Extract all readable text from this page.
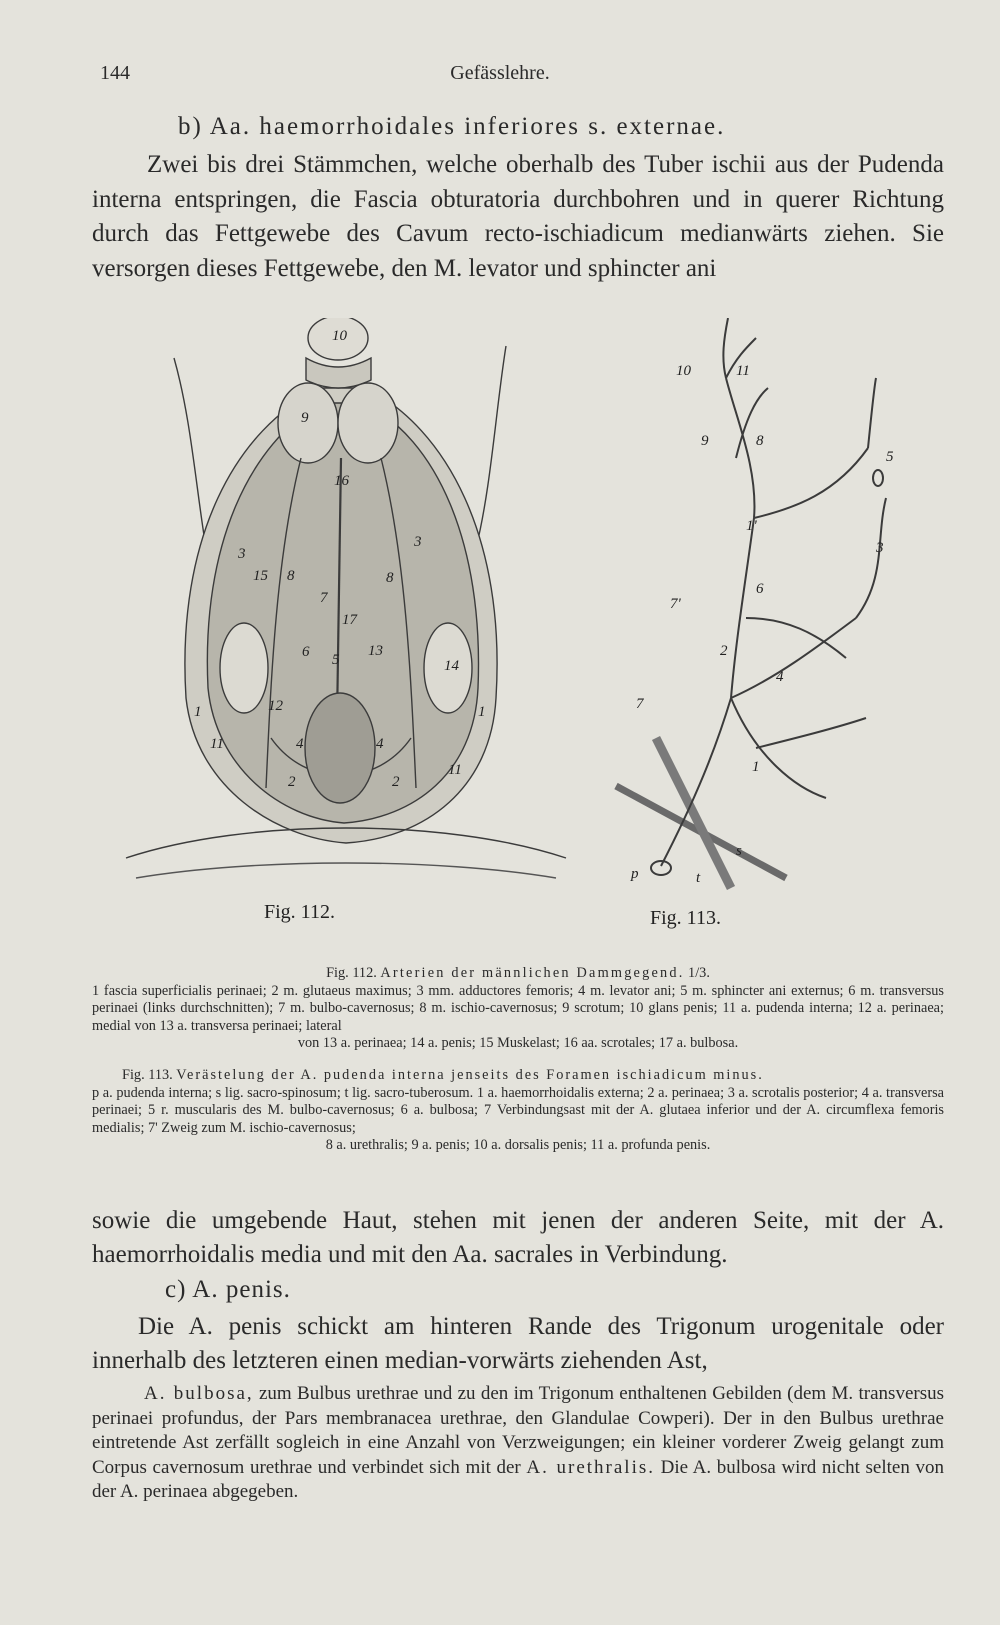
144	Gefässlehre.
b) Aa. haemorrhoidales inferiores s. externae.
Zwei bis drei Stämmchen, welche oberhalb des Tuber ischii aus der Pudenda interna entspringen, die Fascia obturatoria durchbohren und in querer Richtung durch das Fettgewebe des Cavum recto-ischiadicum medianwärts ziehen. Sie versorgen dieses Fettgewebe, den M. levator und sphincter ani
10
9
16
3
3
15 8	8
7
17
6 5
13
14
12
1	1
11
11
4	4
2	2
Fig. 112.
10	11
9	8
5
1'
3
7'
6
2
4
7
1
s
p	t
Fig. 113.

Fig. 112. Arterien der männlichen Dammgegend. 1/3.

1 fascia superficialis perinaei; 2 m. glutaeus maximus; 3 mm. adductores femoris; 4 m. levator ani; 5 m. sphincter ani externus; 6 m. transversus perinaei (links durchschnitten); 7 m. bulbo-cavernosus; 8 m. ischio-cavernosus; 9 scrotum; 10 glans penis; 11 a. pudenda interna; 12 a. perinaea; medial von 13 a. transversa perinaei; lateral

von 13 a. perinaea; 14 a. penis; 15 Muskelast; 16 aa. scrotales; 17 a. bulbosa.

Fig. 113. Verästelung der A. pudenda interna jenseits des Foramen ischiadicum minus.

p a. pudenda interna; s lig. sacro-spinosum; t lig. sacro-tuberosum. 1 a. haemorrhoidalis externa; 2 a. perinaea; 3 a. scrotalis posterior; 4 a. transversa perinaei; 5 r. muscularis des M. bulbo-cavernosus; 6 a. bulbosa; 7 Verbindungsast mit der A. glutaea inferior und der A. circumflexa femoris medialis; 7' Zweig zum M. ischio-cavernosus;

8 a. urethralis; 9 a. penis; 10 a. dorsalis penis; 11 a. profunda penis.

sowie die umgebende Haut, stehen mit jenen der anderen Seite, mit der A. haemorrhoidalis media und mit den Aa. sacrales in Verbindung.
c) A. penis.
Die A. penis schickt am hinteren Rande des Trigonum urogenitale oder innerhalb des letzteren einen median-vorwärts ziehenden Ast,
A. bulbosa, zum Bulbus urethrae und zu den im Trigonum enthaltenen Gebilden (dem M. transversus perinaei profundus, der Pars membranacea urethrae, den Glandulae Cowperi). Der in den Bulbus urethrae eintretende Ast zerfällt sogleich in eine Anzahl von Verzweigungen; ein kleiner vorderer Zweig gelangt zum Corpus cavernosum urethrae und verbindet sich mit der A. urethralis. Die A. bulbosa wird nicht selten von der A. perinaea abgegeben.
